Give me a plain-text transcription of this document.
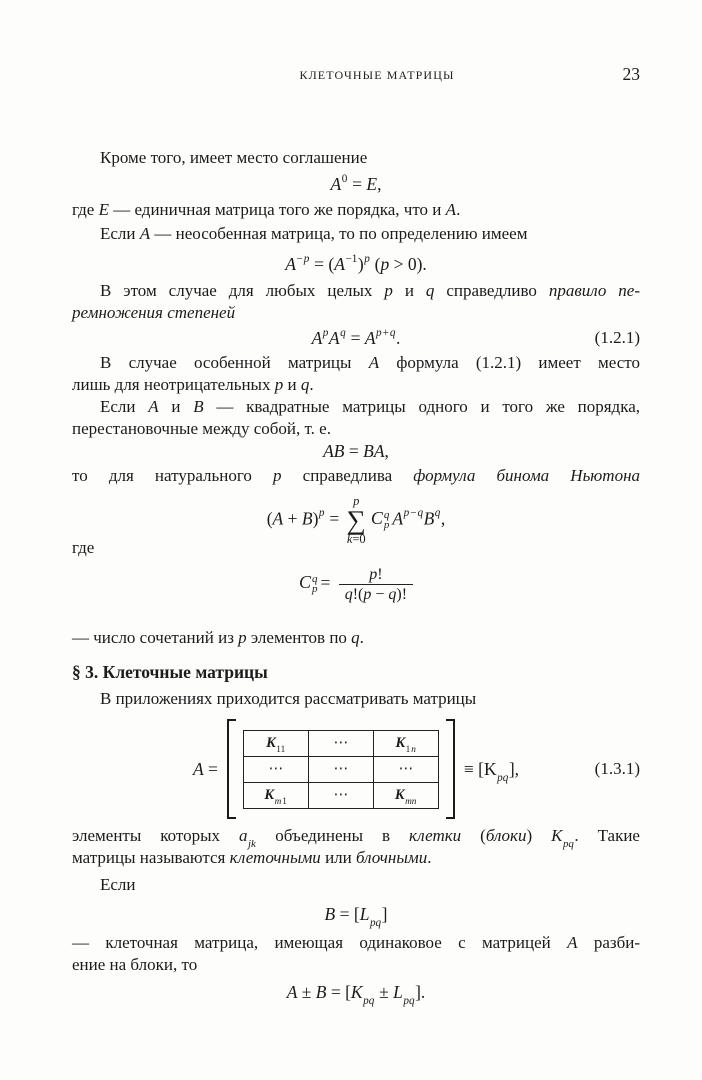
КЛЕТОЧНЫЕ МАТРИЦЫ	23
Кроме того, имеет место соглашение
$A^0 = E$,
где E — единичная матрица того же порядка, что и A.
Если A — неособенная матрица, то по определению имеем
$A^{-p} = (A^{-1})^p$ (p > 0).
В этом случае для любых целых p и q справедливо правило пе-
ремножения степеней
$A^pA^q = A^{p+q}$.	(1.2.1)
В случае особенной матрицы A формула (1.2.1) имеет место
лишь для неотрицательных p и q.
Если A и B — квадратные матрицы одного и того же порядка,
перестановочные между собой, т. е.
AB = BA,
то для натурального p справедлива формула бинома Ньютона
$(A + B)^p$ =
p
∑
k=0
C q
p $A^{p-q}B^q$,
где
C q
$p = \frac{p!}{q!(p - q)!}$
— число сочетаний из p элементов по q.
§ 3. Клеточные матрицы
В приложениях приходится рассматривать матрицы
A =
$K_{11}$	⋯	$K_{1n}$
⋯	⋯	⋯
$K_{m1}$	⋯	$K_{mn}$
≡ $[K_{pq}]$,	(1.3.1)
элементы которых $a_{jk}$ объединены в клетки (блоки) $K_{pq}$. Такие
матрицы называются клеточными или блочными.
Если
$B = [L_{pq}]$
— клеточная матрица, имеющая одинаковое с матрицей A разби-
ение на блоки, то
$A \pm B = [K_{pq} \pm L_{pq}]$.
